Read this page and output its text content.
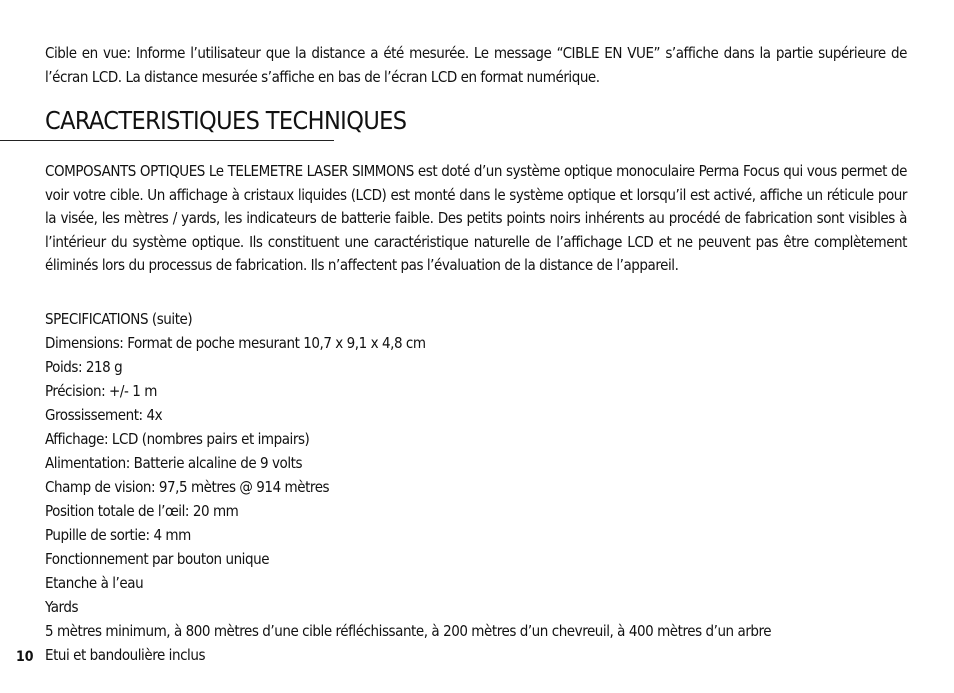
Cible en vue: Informe l’utilisateur que la distance a été mesurée. Le message “CIBLE EN VUE” s’affiche dans la partie supérieure de l’écran LCD. La distance mesurée s’affiche en bas de l’écran LCD en format numérique.

CARACTERISTIQUES TECHNIQUES

COMPOSANTS OPTIQUES Le TELEMETRE LASER SIMMONS est doté d’un système optique monoculaire Perma Focus qui vous permet de voir votre cible. Un affichage à cristaux liquides (LCD) est monté dans le système optique et lorsqu’il est activé, affiche un réticule pour la visée, les mètres / yards, les indicateurs de batterie faible. Des petits points noirs inhérents au procédé de fabrication sont visibles à l’intérieur du système optique. Ils constituent une caractéristique naturelle de l’affichage LCD et ne peuvent pas être complètement éliminés lors du processus de fabrication. Ils n’affectent pas l’évaluation de la distance de l’appareil.

SPECIFICATIONS (suite)
Dimensions: Format de poche mesurant 10,7 x 9,1 x 4,8 cm
Poids: 218 g
Précision: +/- 1 m
Grossissement: 4x
Affichage: LCD (nombres pairs et impairs)
Alimentation: Batterie alcaline de 9 volts
Champ de vision: 97,5 mètres @ 914 mètres
Position totale de l’œil: 20 mm
Pupille de sortie: 4 mm
Fonctionnement par bouton unique
Etanche à l’eau
Yards
5 mètres minimum, à 800 mètres d’une cible réfléchissante, à 200 mètres d’un chevreuil, à 400 mètres d’un arbre
Etui et bandoulière inclus
10
